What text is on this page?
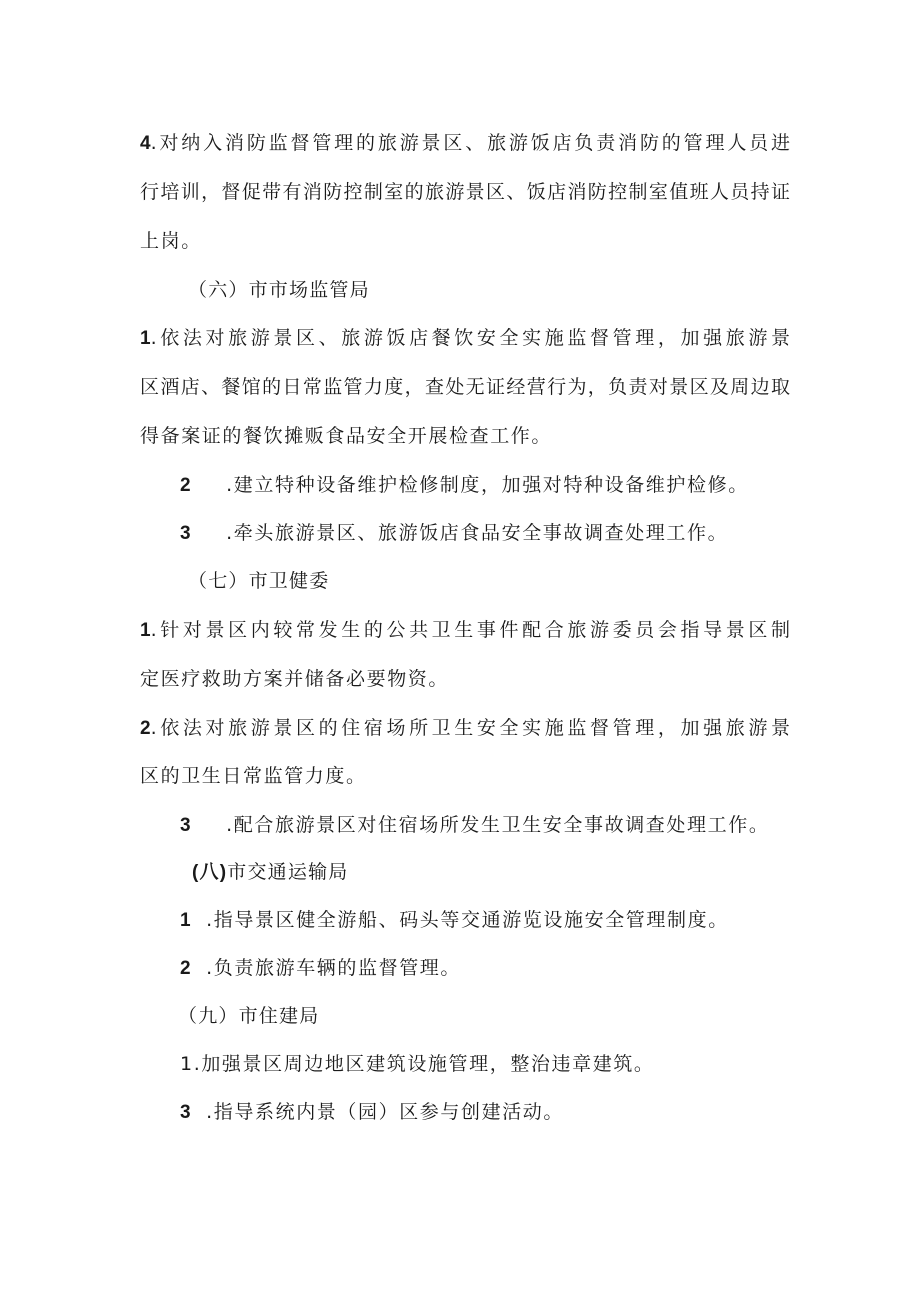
4.对纳入消防监督管理的旅游景区、旅游饭店负责消防的管理人员进
行培训，督促带有消防控制室的旅游景区、饭店消防控制室值班人员持证
上岗。
（六）市市场监管局
1.依法对旅游景区、旅游饭店餐饮安全实施监督管理，加强旅游景
区酒店、餐馆的日常监管力度，查处无证经营行为，负责对景区及周边取
得备案证的餐饮摊贩食品安全开展检查工作。
2 .建立特种设备维护检修制度，加强对特种设备维护检修。
3 .牵头旅游景区、旅游饭店食品安全事故调查处理工作。
（七）市卫健委
1.针对景区内较常发生的公共卫生事件配合旅游委员会指导景区制
定医疗救助方案并储备必要物资。
2.依法对旅游景区的住宿场所卫生安全实施监督管理，加强旅游景
区的卫生日常监管力度。
3 .配合旅游景区对住宿场所发生卫生安全事故调查处理工作。
(八)市交通运输局
1 .指导景区健全游船、码头等交通游览设施安全管理制度。
2 .负责旅游车辆的监督管理。
（九）市住建局
1.加强景区周边地区建筑设施管理，整治违章建筑。
3 .指导系统内景（园）区参与创建活动。
